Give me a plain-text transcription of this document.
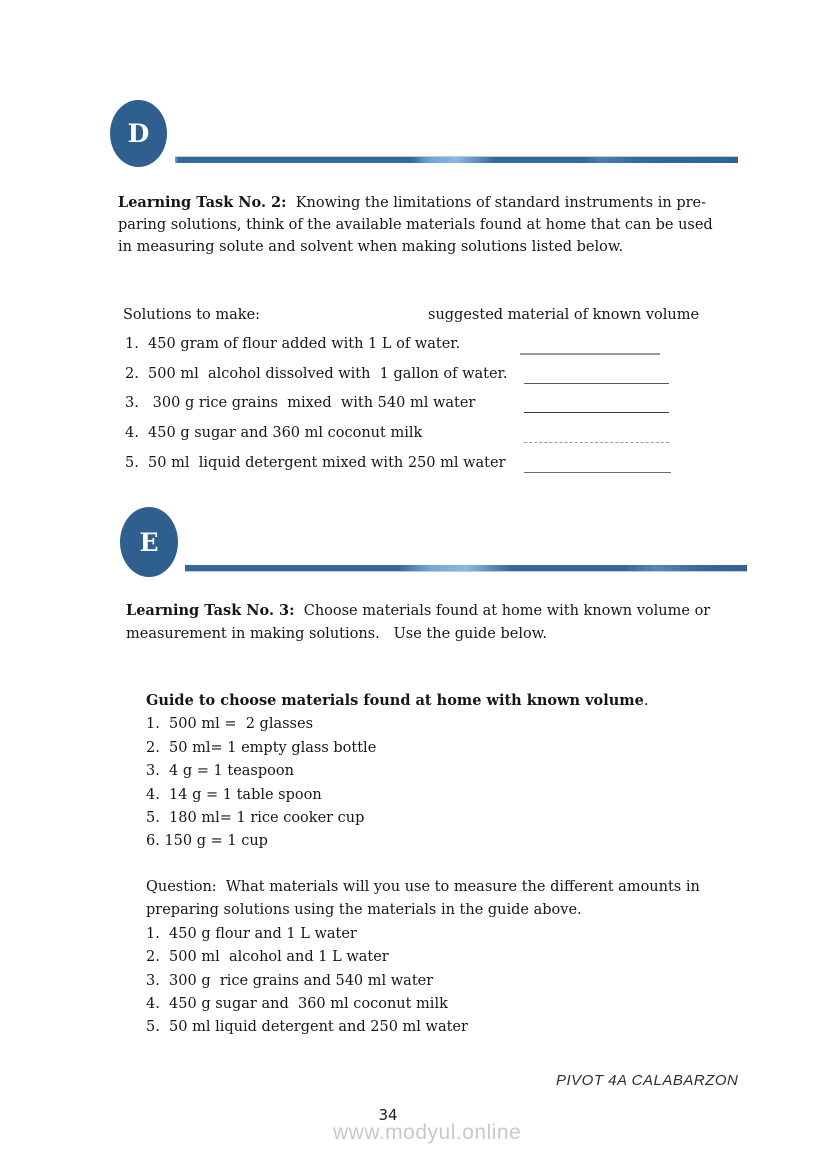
D
Learning Task No. 2:  Knowing the limitations of standard instruments in pre-
paring solutions, think of the available materials found at home that can be used
in measuring solute and solvent when making solutions listed below.
Solutions to make:	suggested material of known volume
1.  450 gram of flour added with 1 L of water.
2.  500 ml  alcohol dissolved with  1 gallon of water.
3.   300 g rice grains  mixed  with 540 ml water
4.  450 g sugar and 360 ml coconut milk
5.  50 ml  liquid detergent mixed with 250 ml water
E
Learning Task No. 3:  Choose materials found at home with known volume or
measurement in making solutions.   Use the guide below.
Guide to choose materials found at home with known volume.
1.  500 ml =  2 glasses
2.  50 ml= 1 empty glass bottle
3.  4 g = 1 teaspoon
4.  14 g = 1 table spoon
5.  180 ml= 1 rice cooker cup
6. 150 g = 1 cup
Question:  What materials will you use to measure the different amounts in
preparing solutions using the materials in the guide above.
1.  450 g flour and 1 L water
2.  500 ml  alcohol and 1 L water
3.  300 g  rice grains and 540 ml water
4.  450 g sugar and  360 ml coconut milk
5.  50 ml liquid detergent and 250 ml water
PIVOT 4A CALABARZON
34
www.modyul.online
